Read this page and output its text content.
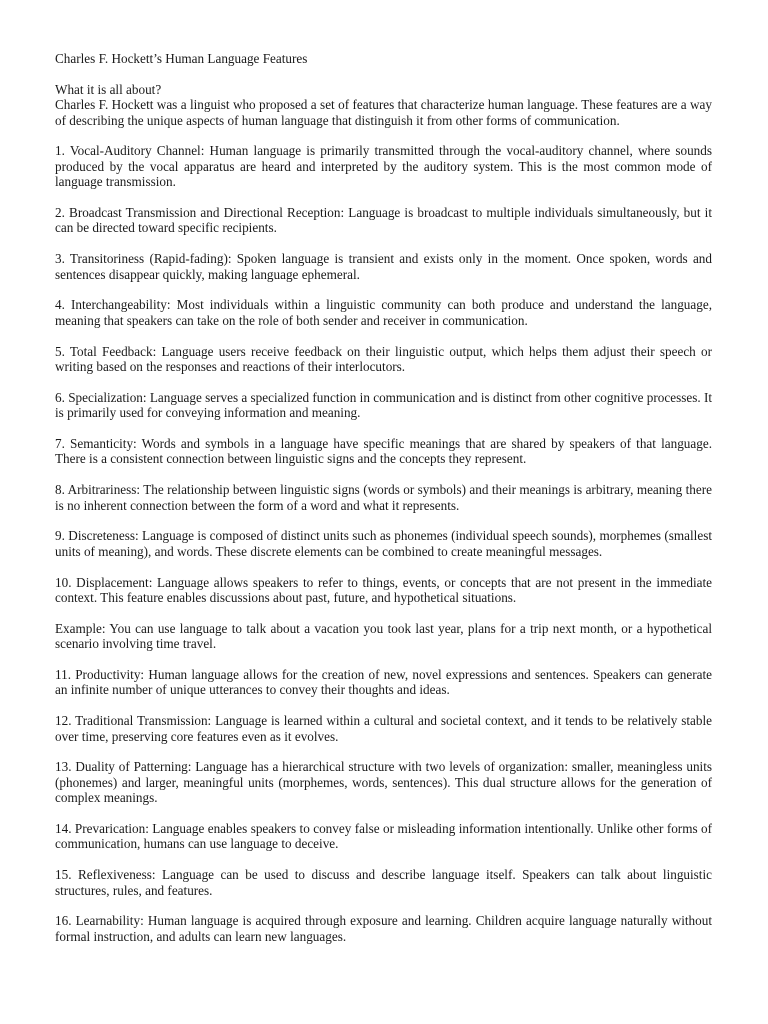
Charles F. Hockett’s Human Language Features
What it is all about?

Charles F. Hockett was a linguist who proposed a set of features that characterize human language. These features are a way of describing the unique aspects of human language that distinguish it from other forms of communication.

1. Vocal-Auditory Channel: Human language is primarily transmitted through the vocal-auditory channel, where sounds produced by the vocal apparatus are heard and interpreted by the auditory system. This is the most common mode of language transmission.
2. Broadcast Transmission and Directional Reception: Language is broadcast to multiple individuals simultaneously, but it can be directed toward specific recipients.
3. Transitoriness (Rapid-fading): Spoken language is transient and exists only in the moment. Once spoken, words and sentences disappear quickly, making language ephemeral.
4. Interchangeability: Most individuals within a linguistic community can both produce and understand the language, meaning that speakers can take on the role of both sender and receiver in communication.
5. Total Feedback: Language users receive feedback on their linguistic output, which helps them adjust their speech or writing based on the responses and reactions of their interlocutors.
6. Specialization: Language serves a specialized function in communication and is distinct from other cognitive processes. It is primarily used for conveying information and meaning.
7. Semanticity: Words and symbols in a language have specific meanings that are shared by speakers of that language. There is a consistent connection between linguistic signs and the concepts they represent.
8. Arbitrariness: The relationship between linguistic signs (words or symbols) and their meanings is arbitrary, meaning there is no inherent connection between the form of a word and what it represents.
9. Discreteness: Language is composed of distinct units such as phonemes (individual speech sounds), morphemes (smallest units of meaning), and words. These discrete elements can be combined to create meaningful messages.
10. Displacement: Language allows speakers to refer to things, events, or concepts that are not present in the immediate context. This feature enables discussions about past, future, and hypothetical situations.
Example: You can use language to talk about a vacation you took last year, plans for a trip next month, or a hypothetical scenario involving time travel.
11. Productivity: Human language allows for the creation of new, novel expressions and sentences. Speakers can generate an infinite number of unique utterances to convey their thoughts and ideas.
12. Traditional Transmission: Language is learned within a cultural and societal context, and it tends to be relatively stable over time, preserving core features even as it evolves.
13. Duality of Patterning: Language has a hierarchical structure with two levels of organization: smaller, meaningless units (phonemes) and larger, meaningful units (morphemes, words, sentences). This dual structure allows for the generation of complex meanings.
14. Prevarication: Language enables speakers to convey false or misleading information intentionally. Unlike other forms of communication, humans can use language to deceive.
15. Reflexiveness: Language can be used to discuss and describe language itself. Speakers can talk about linguistic structures, rules, and features.
16. Learnability: Human language is acquired through exposure and learning. Children acquire language naturally without formal instruction, and adults can learn new languages.
